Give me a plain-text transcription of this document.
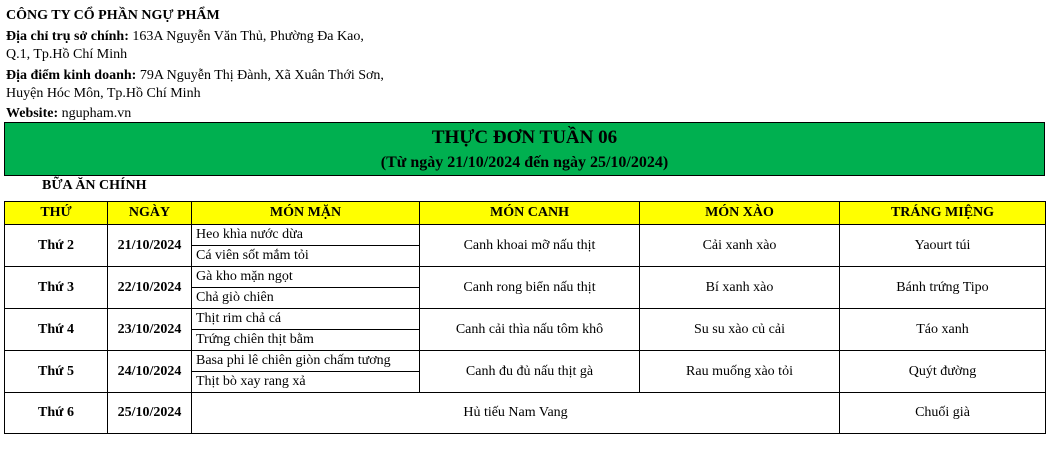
CÔNG TY CỔ PHẦN NGỰ PHẨM
Địa chỉ trụ sở chính: 163A Nguyễn Văn Thủ, Phường Đa Kao,
Q.1, Tp.Hồ Chí Minh
Địa điểm kinh doanh: 79A Nguyễn Thị Đành, Xã Xuân Thới Sơn,
Huyện Hóc Môn, Tp.Hồ Chí Minh
Website: ngupham.vn
THỰC ĐƠN TUẦN 06
(Từ ngày 21/10/2024 đến ngày 25/10/2024)
BỮA ĂN CHÍNH
THỨ	NGÀY	MÓN MẶN	MÓN CANH	MÓN XÀO	TRÁNG MIỆNG
Thứ 2	21/10/2024	Heo khìa nước dừa	Canh khoai mỡ nấu thịt	Cải xanh xào	Yaourt túi
		Cá viên sốt mắm tỏi			
Thứ 3	22/10/2024	Gà kho mặn ngọt	Canh rong biển nấu thịt	Bí xanh xào	Bánh trứng Tipo
		Chả giò chiên			
Thứ 4	23/10/2024	Thịt rim chả cá	Canh cải thìa nấu tôm khô	Su su xào củ cải	Táo xanh
		Trứng chiên thịt bằm			
Thứ 5	24/10/2024	Basa phi lê chiên giòn chấm tương	Canh đu đủ nấu thịt gà	Rau muống xào tỏi	Quýt đường
		Thịt bò xay rang xả			
Thứ 6	25/10/2024	Hủ tiếu Nam Vang			Chuối già
